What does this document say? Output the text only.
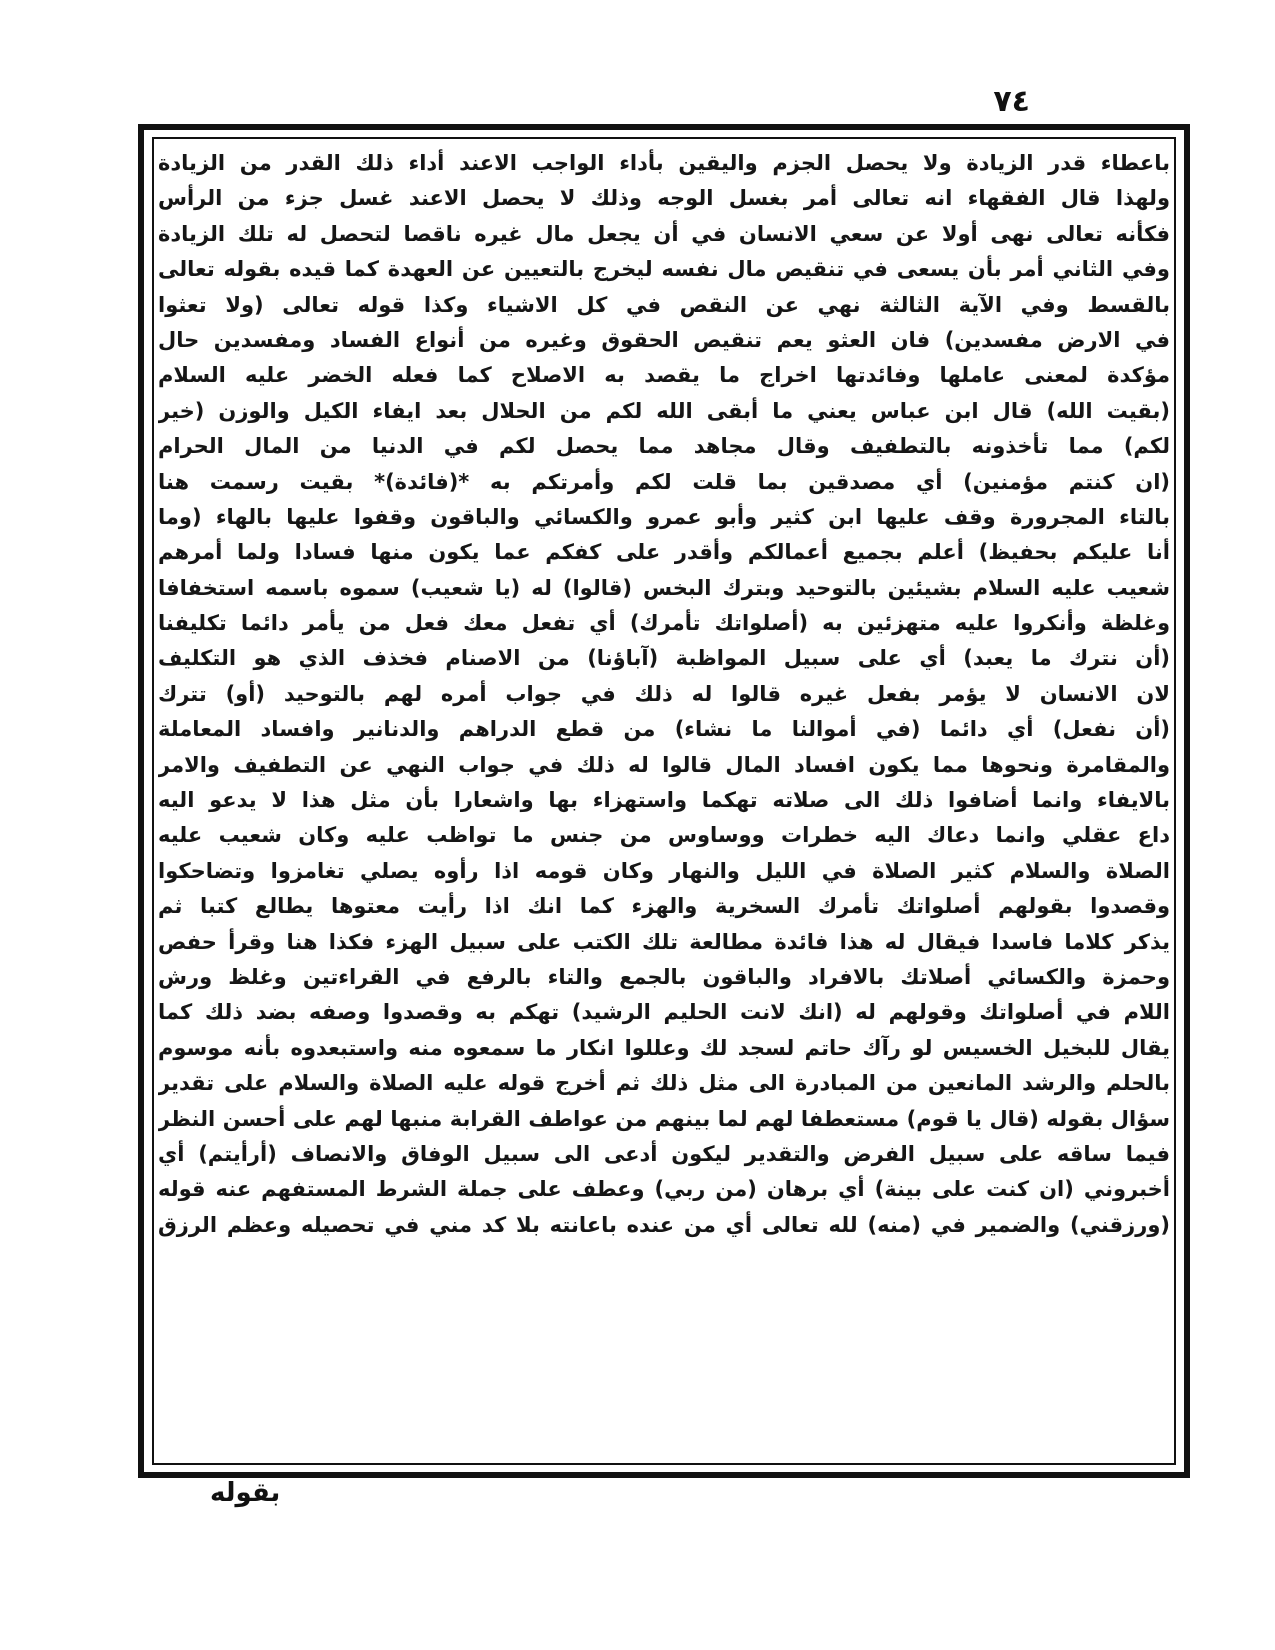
٧٤
باعطاء قدر الزيادة ولا يحصل الجزم واليقين بأداء الواجب الاعند أداء ذلك القدر من الزيادة
ولهذا قال الفقهاء انه تعالى أمر بغسل الوجه وذلك لا يحصل الاعند غسل جزء من الرأس
فكأنه تعالى نهى أولا عن سعي الانسان في أن يجعل مال غيره ناقصا لتحصل له تلك الزيادة
وفي الثاني أمر بأن يسعى في تنقيص مال نفسه ليخرج بالتعيين عن العهدة كما قيده بقوله تعالى
بالقسط وفي الآية الثالثة نهي عن النقص في كل الاشياء وكذا قوله تعالى (ولا تعثوا
في الارض مفسدين) فان العثو يعم تنقيص الحقوق وغيره من أنواع الفساد ومفسدين حال
مؤكدة لمعنى عاملها وفائدتها اخراج ما يقصد به الاصلاح كما فعله الخضر عليه السلام
(بقيت الله) قال ابن عباس يعني ما أبقى الله لكم من الحلال بعد ايفاء الكيل والوزن (خير
لكم) مما تأخذونه بالتطفيف وقال مجاهد مما يحصل لكم في الدنيا من المال الحرام
(ان كنتم مؤمنين) أي مصدقين بما قلت لكم وأمرتكم به *(فائدة)* بقيت رسمت هنا
بالتاء المجرورة وقف عليها ابن كثير وأبو عمرو والكسائي والباقون وقفوا عليها بالهاء (وما
أنا عليكم بحفيظ) أعلم بجميع أعمالكم وأقدر على كفكم عما يكون منها فسادا ولما أمرهم
شعيب عليه السلام بشيئين بالتوحيد وبترك البخس (قالوا) له (يا شعيب) سموه باسمه استخفافا
وغلظة وأنكروا عليه متهزئين به (أصلواتك تأمرك) أي تفعل معك فعل من يأمر دائما تكليفنا
(أن نترك ما يعبد) أي على سبيل المواظبة (آباؤنا) من الاصنام فخذف الذي هو التكليف
لان الانسان لا يؤمر بفعل غيره قالوا له ذلك في جواب أمره لهم بالتوحيد (أو) تترك
(أن نفعل) أي دائما (في أموالنا ما نشاء) من قطع الدراهم والدنانير وافساد المعاملة
والمقامرة ونحوها مما يكون افساد المال قالوا له ذلك في جواب النهي عن التطفيف والامر
بالايفاء وانما أضافوا ذلك الى صلاته تهكما واستهزاء بها واشعارا بأن مثل هذا لا يدعو اليه
داع عقلي وانما دعاك اليه خطرات ووساوس من جنس ما تواظب عليه وكان شعيب عليه
الصلاة والسلام كثير الصلاة في الليل والنهار وكان قومه اذا رأوه يصلي تغامزوا وتضاحكوا
وقصدوا بقولهم أصلواتك تأمرك السخرية والهزء كما انك اذا رأيت معتوها يطالع كتبا ثم
يذكر كلاما فاسدا فيقال له هذا فائدة مطالعة تلك الكتب على سبيل الهزء فكذا هنا وقرأ حفص
وحمزة والكسائي أصلاتك بالافراد والباقون بالجمع والتاء بالرفع في القراءتين وغلظ ورش
اللام في أصلواتك وقولهم له (انك لانت الحليم الرشيد) تهكم به وقصدوا وصفه بضد ذلك كما
يقال للبخيل الخسيس لو رآك حاتم لسجد لك وعللوا انكار ما سمعوه منه واستبعدوه بأنه موسوم
بالحلم والرشد المانعين من المبادرة الى مثل ذلك ثم أخرج قوله عليه الصلاة والسلام على تقدير
سؤال بقوله (قال يا قوم) مستعطفا لهم لما بينهم من عواطف القرابة منبها لهم على أحسن النظر
فيما ساقه على سبيل الفرض والتقدير ليكون أدعى الى سبيل الوفاق والانصاف (أرأيتم) أي
أخبروني (ان كنت على بينة) أي برهان (من ربي) وعطف على جملة الشرط المستفهم عنه قوله
(ورزقني) والضمير في (منه) لله تعالى أي من عنده باعانته بلا كد مني في تحصيله وعظم الرزق
بقوله
